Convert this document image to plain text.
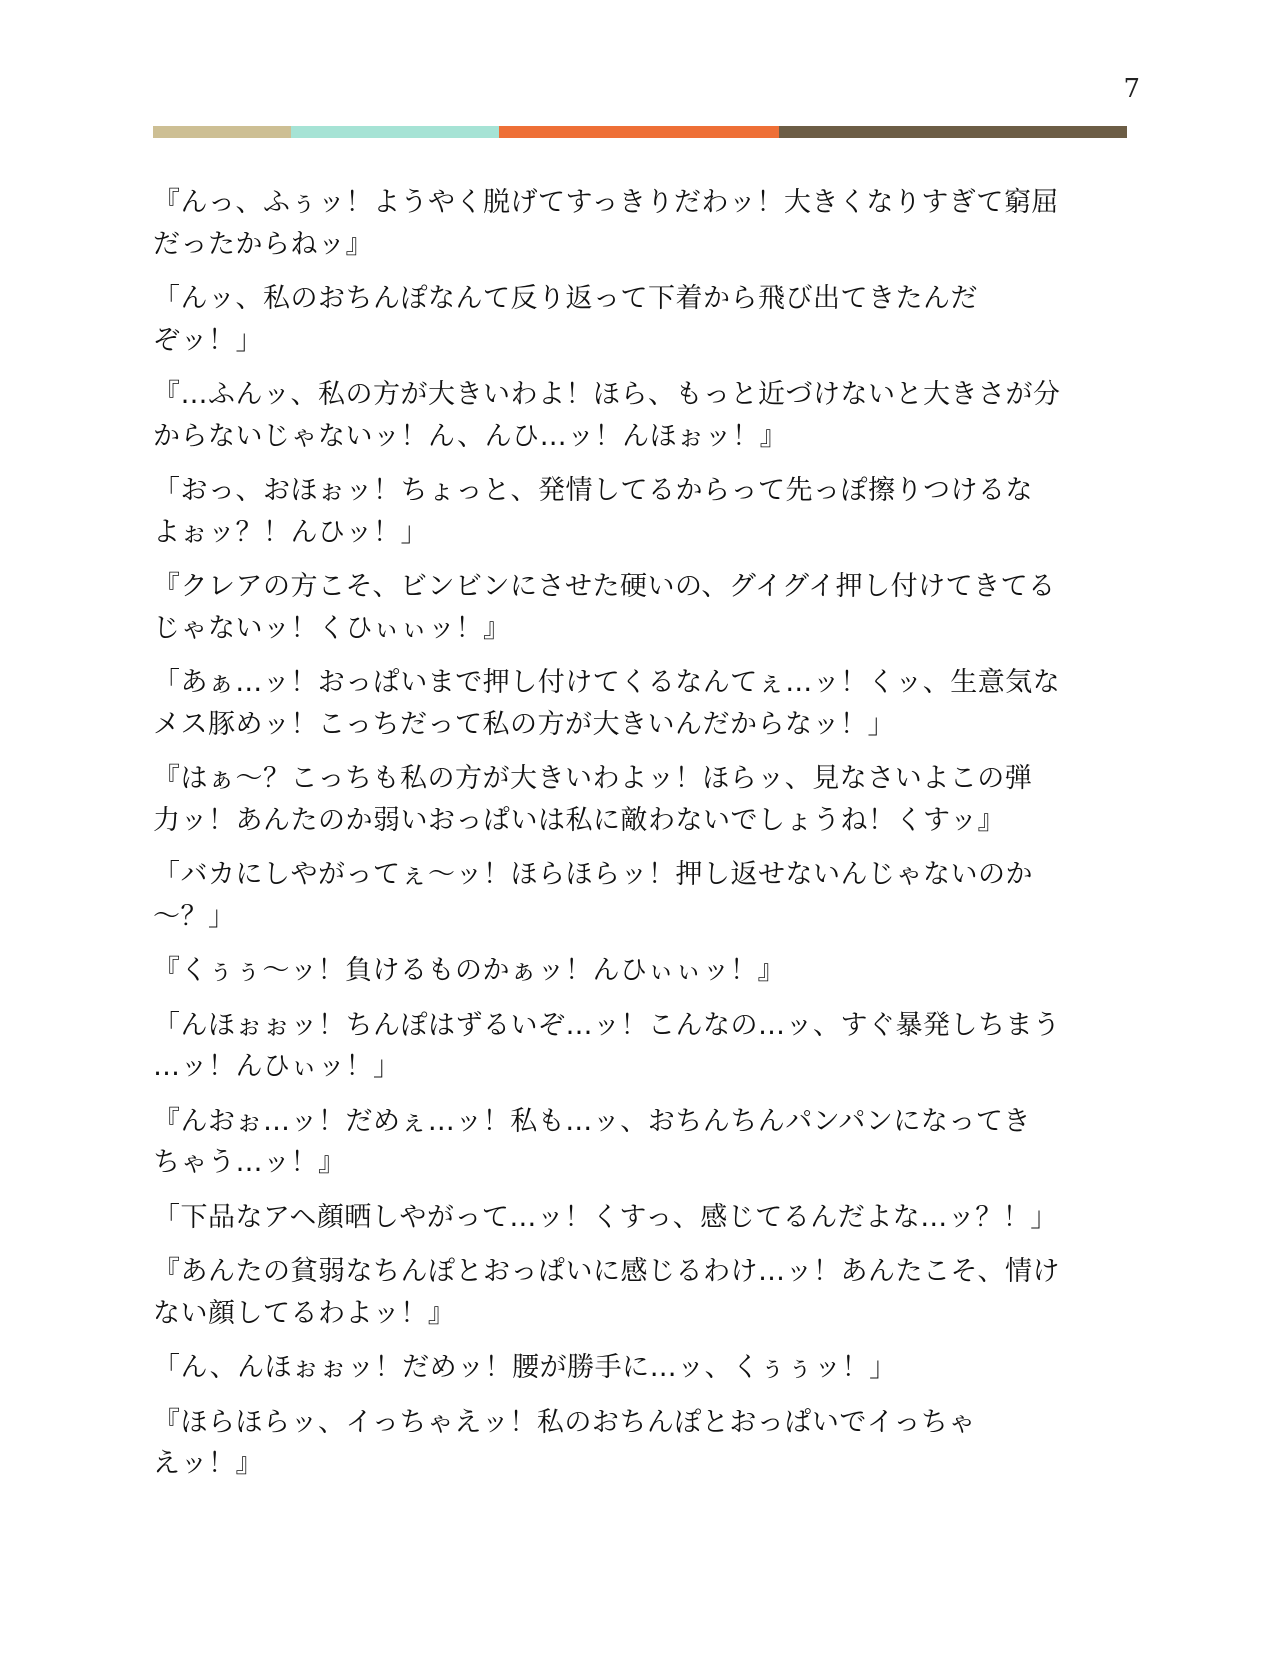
7

『んっ、ふぅッ！ようやく脱げてすっきりだわッ！大きくなりすぎて窮屈
だったからねッ』

「んッ、私のおちんぽなんて反り返って下着から飛び出てきたんだ
ぞッ！」

『…ふんッ、私の方が大きいわよ！ほら、もっと近づけないと大きさが分
からないじゃないッ！ん、んひ…ッ！んほぉッ！』

「おっ、おほぉッ！ちょっと、発情してるからって先っぽ擦りつけるな
よぉッ？！んひッ！」

『クレアの方こそ、ビンビンにさせた硬いの、グイグイ押し付けてきてる
じゃないッ！くひぃぃッ！』

「あぁ…ッ！おっぱいまで押し付けてくるなんてぇ…ッ！くッ、生意気な
メス豚めッ！こっちだって私の方が大きいんだからなッ！」

『はぁ～？こっちも私の方が大きいわよッ！ほらッ、見なさいよこの弾
力ッ！あんたのか弱いおっぱいは私に敵わないでしょうね！くすッ』

「バカにしやがってぇ～ッ！ほらほらッ！押し返せないんじゃないのか
～？」

『くぅぅ～ッ！負けるものかぁッ！んひぃぃッ！』

「んほぉぉッ！ちんぽはずるいぞ…ッ！こんなの…ッ、すぐ暴発しちまう
…ッ！んひぃッ！」

『んおぉ…ッ！だめぇ…ッ！私も…ッ、おちんちんパンパンになってき
ちゃう…ッ！』

「下品なアヘ顔晒しやがって…ッ！くすっ、感じてるんだよな…ッ？！」

『あんたの貧弱なちんぽとおっぱいに感じるわけ…ッ！あんたこそ、情け
ない顔してるわよッ！』

「ん、んほぉぉッ！だめッ！腰が勝手に…ッ、くぅぅッ！」

『ほらほらッ、イっちゃえッ！私のおちんぽとおっぱいでイっちゃ
えッ！』
